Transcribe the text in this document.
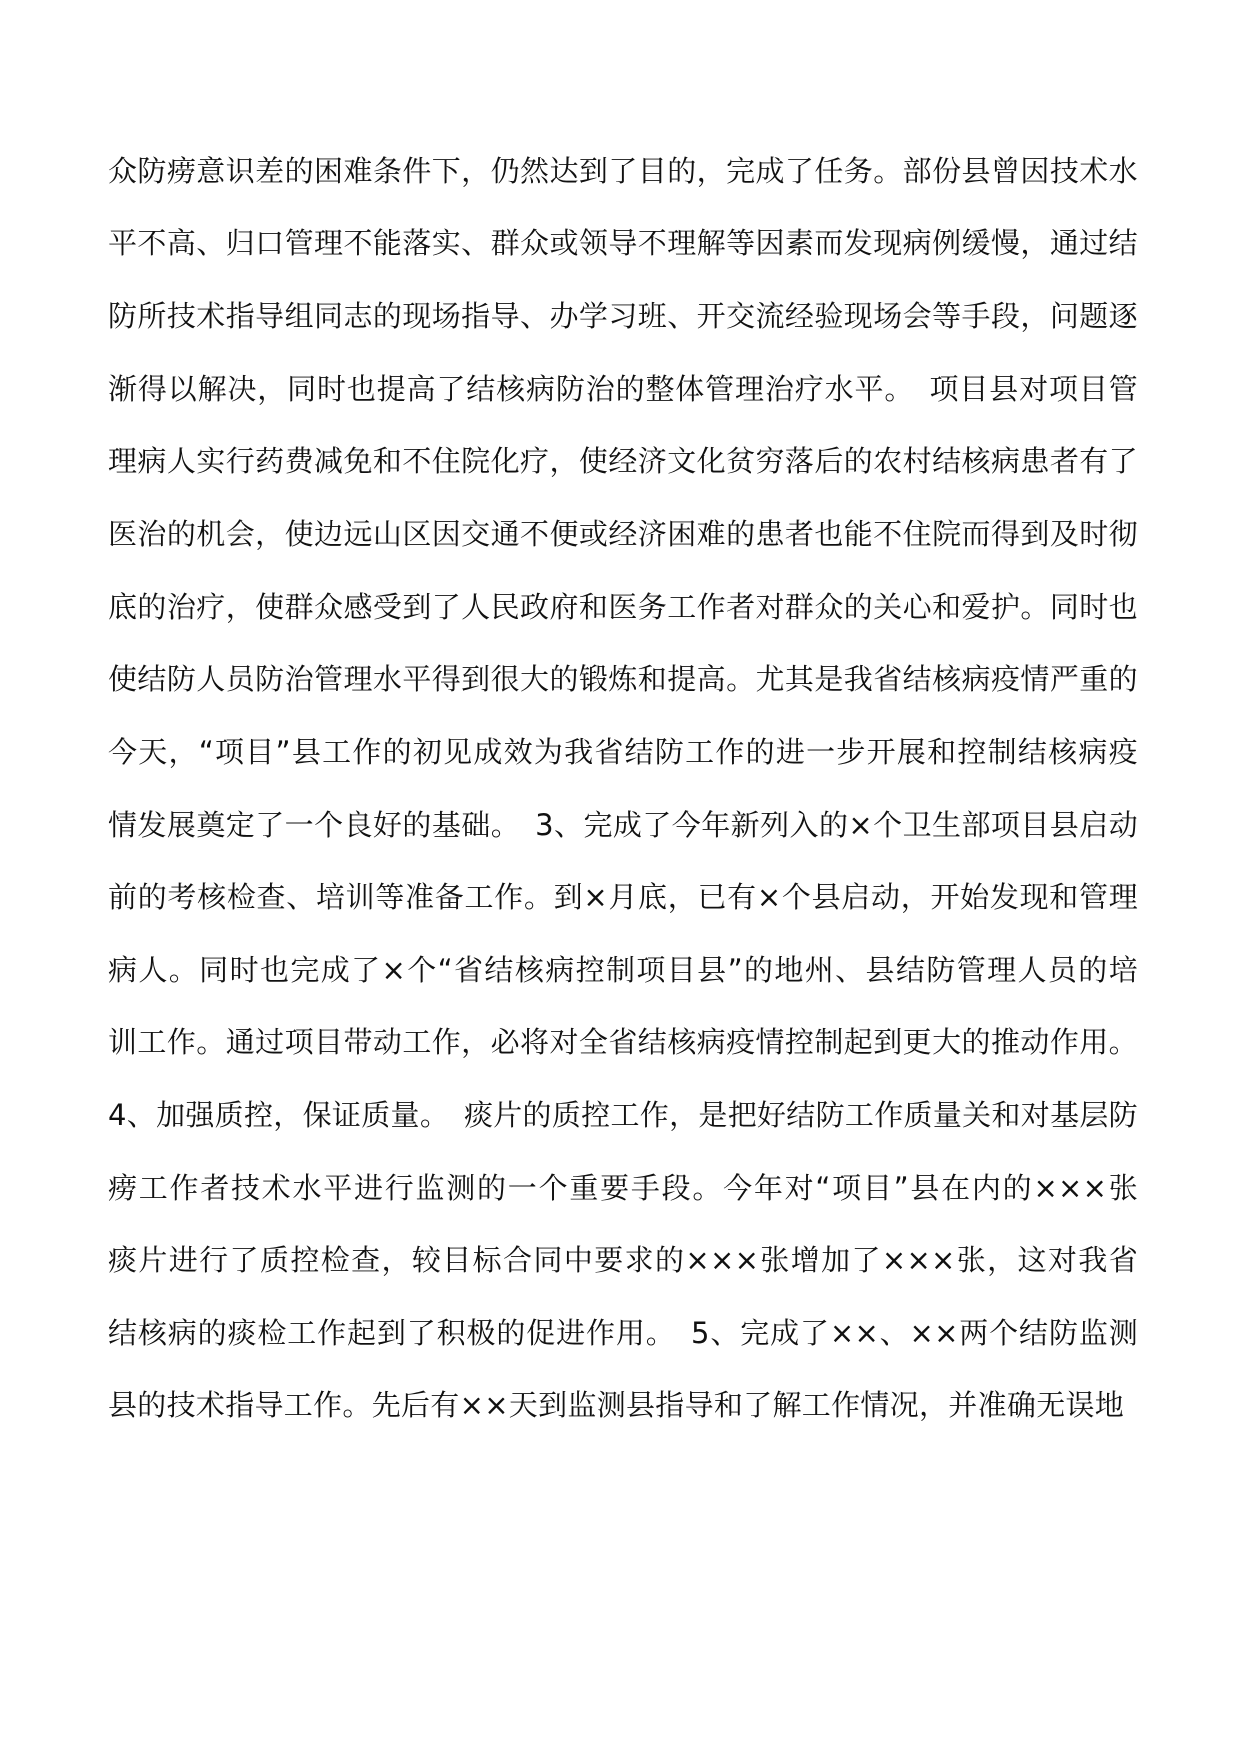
众防痨意识差的困难条件下，仍然达到了目的，完成了任务。部份县曾因技术水
平不高、归口管理不能落实、群众或领导不理解等因素而发现病例缓慢，通过结
防所技术指导组同志的现场指导、办学习班、开交流经验现场会等手段，问题逐
渐得以解决，同时也提高了结核病防治的整体管理治疗水平。　项目县对项目管
理病人实行药费减免和不住院化疗，使经济文化贫穷落后的农村结核病患者有了
医治的机会，使边远山区因交通不便或经济困难的患者也能不住院而得到及时彻
底的治疗，使群众感受到了人民政府和医务工作者对群众的关心和爱护。同时也
使结防人员防治管理水平得到很大的锻炼和提高。尤其是我省结核病疫情严重的
今天，“项目”县工作的初见成效为我省结防工作的进一步开展和控制结核病疫
情发展奠定了一个良好的基础。　3、完成了今年新列入的×个卫生部项目县启动
前的考核检查、培训等准备工作。到×月底，已有×个县启动，开始发现和管理
病人。同时也完成了×个“省结核病控制项目县”的地州、县结防管理人员的培
训工作。通过项目带动工作，必将对全省结核病疫情控制起到更大的推动作用。
4、加强质控，保证质量。　痰片的质控工作，是把好结防工作质量关和对基层防
痨工作者技术水平进行监测的一个重要手段。今年对“项目”县在内的×××张
痰片进行了质控检查，较目标合同中要求的×××张增加了×××张，这对我省
结核病的痰检工作起到了积极的促进作用。　5、完成了××、××两个结防监测
县的技术指导工作。先后有××天到监测县指导和了解工作情况，并准确无误地
